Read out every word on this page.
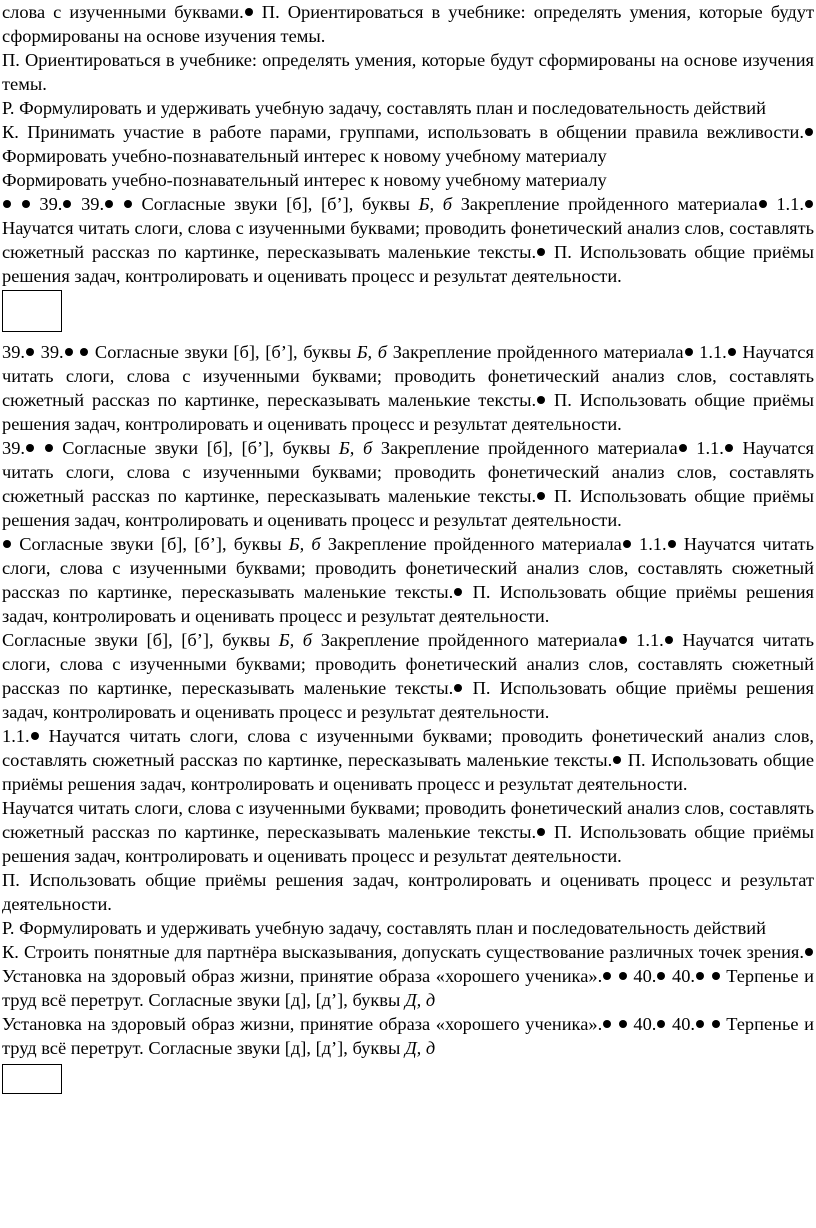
слова с изученными буквами. П. Ориентироваться в учебнике: определять умения, которые будут сформированы на основе изучения темы.

П. Ориентироваться в учебнике: определять умения, которые будут сформированы на основе изучения темы.

Р. Формулировать и удерживать учебную задачу, составлять план и последовательность действий

К. Принимать участие в работе парами, группами, использовать в общении правила вежливости. Формировать учебно-познавательный интерес к новому учебному материалу

Формировать учебно-познавательный интерес к новому учебному материалу

39. 39. Согласные звуки [б], [б’], буквы Б, б Закрепление пройденного материала 1.1. Научатся читать слоги, слова с изученными буквами; проводить фонетический анализ слов, составлять сюжетный рассказ по картинке, пересказывать маленькие тексты. П. Использовать общие приёмы решения задач, контролировать и оценивать процесс и результат деятельности.

39. 39. Согласные звуки [б], [б’], буквы Б, б Закрепление пройденного материала 1.1. Научатся читать слоги, слова с изученными буквами; проводить фонетический анализ слов, составлять сюжетный рассказ по картинке, пересказывать маленькие тексты. П. Использовать общие приёмы решения задач, контролировать и оценивать процесс и результат деятельности.

39. Согласные звуки [б], [б’], буквы Б, б Закрепление пройденного материала 1.1. Научатся читать слоги, слова с изученными буквами; проводить фонетический анализ слов, составлять сюжетный рассказ по картинке, пересказывать маленькие тексты. П. Использовать общие приёмы решения задач, контролировать и оценивать процесс и результат деятельности.

Согласные звуки [б], [б’], буквы Б, б Закрепление пройденного материала 1.1. Научатся читать слоги, слова с изученными буквами; проводить фонетический анализ слов, составлять сюжетный рассказ по картинке, пересказывать маленькие тексты. П. Использовать общие приёмы решения задач, контролировать и оценивать процесс и результат деятельности.

Согласные звуки [б], [б’], буквы Б, б Закрепление пройденного материала 1.1. Научатся читать слоги, слова с изученными буквами; проводить фонетический анализ слов, составлять сюжетный рассказ по картинке, пересказывать маленькие тексты. П. Использовать общие приёмы решения задач, контролировать и оценивать процесс и результат деятельности.

1.1. Научатся читать слоги, слова с изученными буквами; проводить фонетический анализ слов, составлять сюжетный рассказ по картинке, пересказывать маленькие тексты. П. Использовать общие приёмы решения задач, контролировать и оценивать процесс и результат деятельности.

Научатся читать слоги, слова с изученными буквами; проводить фонетический анализ слов, составлять сюжетный рассказ по картинке, пересказывать маленькие тексты. П. Использовать общие приёмы решения задач, контролировать и оценивать процесс и результат деятельности.

П. Использовать общие приёмы решения задач, контролировать и оценивать процесс и результат деятельности.

Р. Формулировать и удерживать учебную задачу, составлять план и последовательность действий

К. Строить понятные для партнёра высказывания, допускать существование различных точек зрения. Установка на здоровый образ жизни, принятие образа «хорошего ученика». 40. 40. Терпенье и труд всё перетрут. Согласные звуки [д], [д’], буквы Д, д

Установка на здоровый образ жизни, принятие образа «хорошего ученика». 40. 40. Терпенье и труд всё перетрут. Согласные звуки [д], [д’], буквы Д, д
